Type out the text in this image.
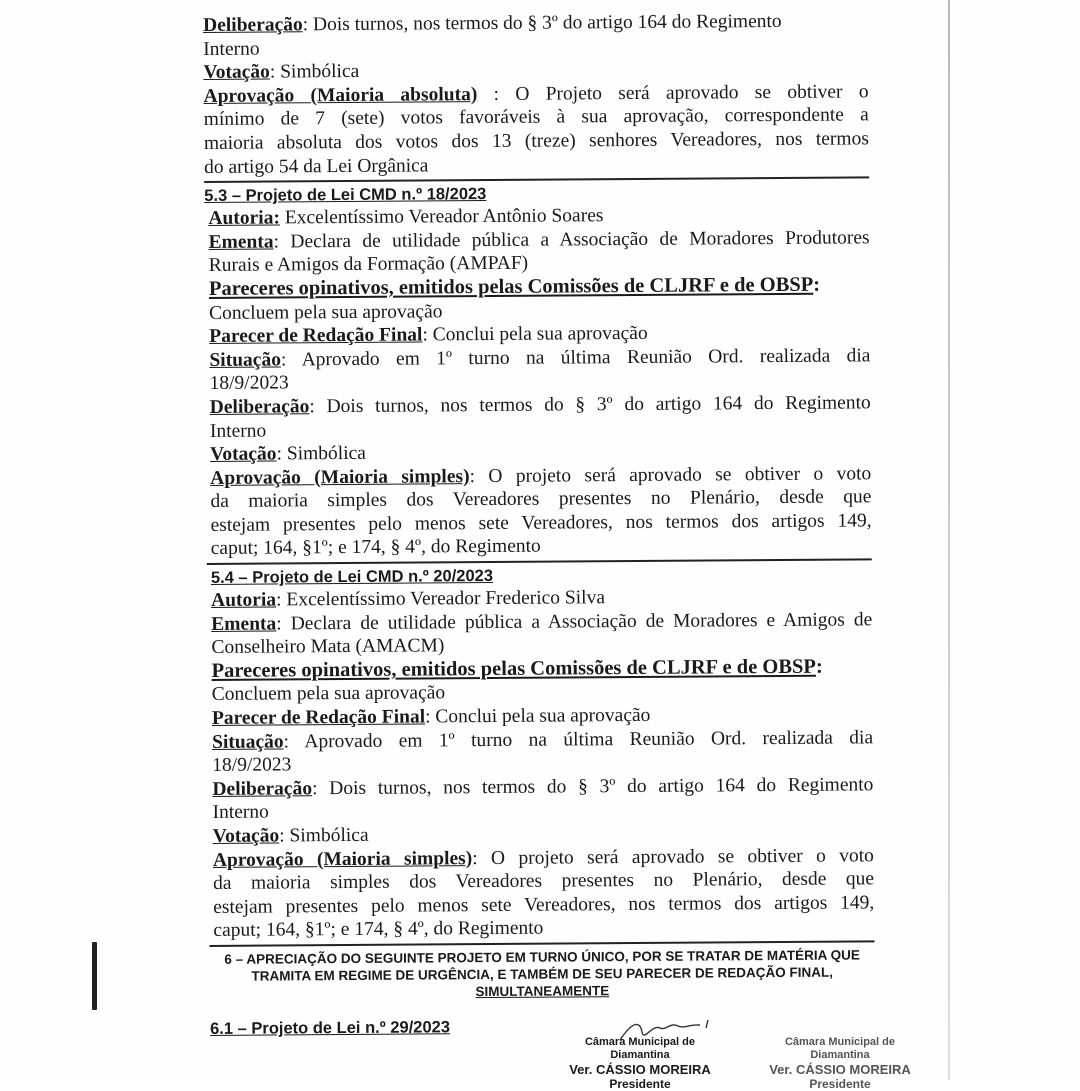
Deliberação: Dois turnos, nos termos do § 3º do artigo 164 do Regimento
Interno
Votação: Simbólica
Aprovação (Maioria absoluta) : O Projeto será aprovado se obtiver o
mínimo de 7 (sete) votos favoráveis à sua aprovação, correspondente a
maioria absoluta dos votos dos 13 (treze) senhores Vereadores, nos termos
do artigo 54 da Lei Orgânica
5.3 – Projeto de Lei CMD n.º 18/2023
Autoria: Excelentíssimo Vereador Antônio Soares
Ementa: Declara de utilidade pública a Associação de Moradores Produtores
Rurais e Amigos da Formação (AMPAF)
Pareceres opinativos, emitidos pelas Comissões de CLJRF e de OBSP:
Concluem pela sua aprovação
Parecer de Redação Final: Conclui pela sua aprovação
Situação: Aprovado em 1º turno na última Reunião Ord. realizada dia
18/9/2023
Deliberação: Dois turnos, nos termos do § 3º do artigo 164 do Regimento
Interno
Votação: Simbólica
Aprovação (Maioria simples): O projeto será aprovado se obtiver o voto
da maioria simples dos Vereadores presentes no Plenário, desde que
estejam presentes pelo menos sete Vereadores, nos termos dos artigos 149,
caput; 164, §1º; e 174, § 4º, do Regimento
5.4 – Projeto de Lei CMD n.º 20/2023
Autoria: Excelentíssimo Vereador Frederico Silva
Ementa: Declara de utilidade pública a Associação de Moradores e Amigos de
Conselheiro Mata (AMACM)
Pareceres opinativos, emitidos pelas Comissões de CLJRF e de OBSP:
Concluem pela sua aprovação
Parecer de Redação Final: Conclui pela sua aprovação
Situação: Aprovado em 1º turno na última Reunião Ord. realizada dia
18/9/2023
Deliberação: Dois turnos, nos termos do § 3º do artigo 164 do Regimento
Interno
Votação: Simbólica
Aprovação (Maioria simples): O projeto será aprovado se obtiver o voto
da maioria simples dos Vereadores presentes no Plenário, desde que
estejam presentes pelo menos sete Vereadores, nos termos dos artigos 149,
caput; 164, §1º; e 174, § 4º, do Regimento
6 – APRECIAÇÃO DO SEGUINTE PROJETO EM TURNO ÚNICO, POR SE TRATAR DE MATÉRIA QUE
TRAMITA EM REGIME DE URGÊNCIA, E TAMBÉM DE SEU PARECER DE REDAÇÃO FINAL,
SIMULTANEAMENTE
6.1 – Projeto de Lei n.º 29/2023
Câmara Municipal de Diamantina
Ver. CÁSSIO MOREIRA
Presidente
Câmara Municipal de Diamantina
Ver. CÁSSIO MOREIRA
Presidente
